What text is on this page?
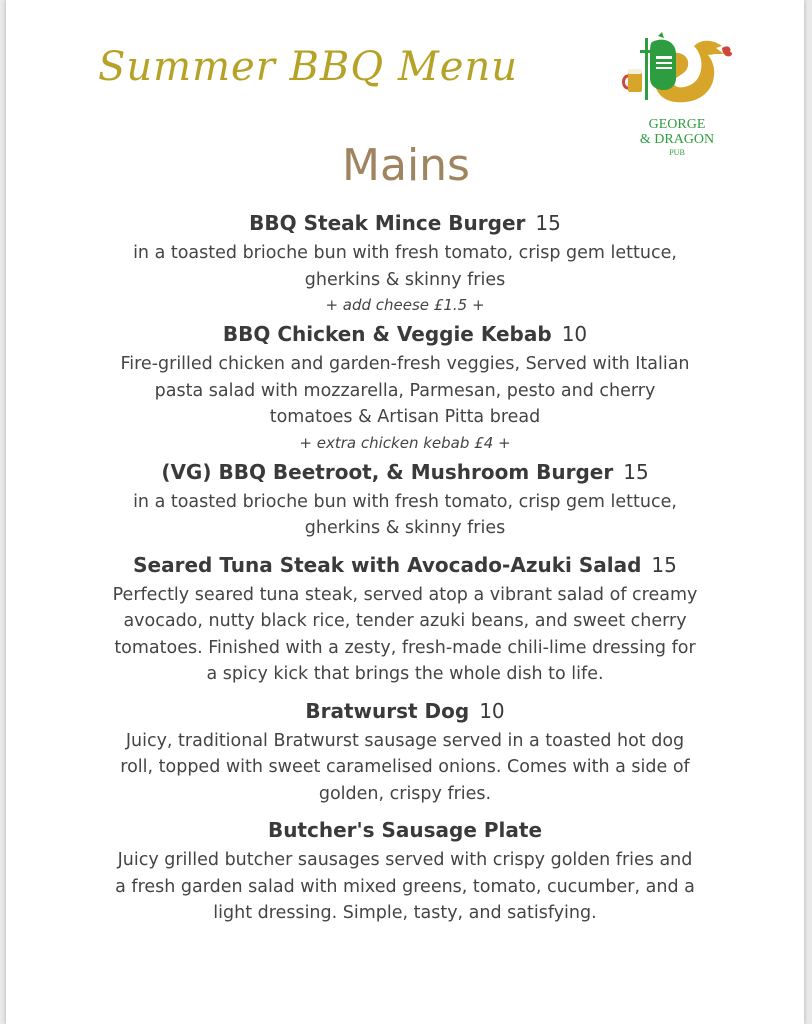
Summer BBQ Menu
GEORGE
& DRAGON
PUB
Mains
BBQ Steak Mince Burger 15
in a toasted brioche bun with fresh tomato, crisp gem lettuce,
gherkins & skinny fries
+ add cheese £1.5 +
BBQ Chicken & Veggie Kebab 10
Fire-grilled chicken and garden-fresh veggies, Served with Italian
pasta salad with mozzarella, Parmesan, pesto and cherry
tomatoes & Artisan Pitta bread
+ extra chicken kebab £4 +
(VG) BBQ Beetroot, & Mushroom Burger 15
in a toasted brioche bun with fresh tomato, crisp gem lettuce,
gherkins & skinny fries
Seared Tuna Steak with Avocado-Azuki Salad 15
Perfectly seared tuna steak, served atop a vibrant salad of creamy
avocado, nutty black rice, tender azuki beans, and sweet cherry
tomatoes. Finished with a zesty, fresh-made chili-lime dressing for
a spicy kick that brings the whole dish to life.
Bratwurst Dog 10
Juicy, traditional Bratwurst sausage served in a toasted hot dog
roll, topped with sweet caramelised onions. Comes with a side of
golden, crispy fries.
Butcher's Sausage Plate
Juicy grilled butcher sausages served with crispy golden fries and
a fresh garden salad with mixed greens, tomato, cucumber, and a
light dressing. Simple, tasty, and satisfying.
